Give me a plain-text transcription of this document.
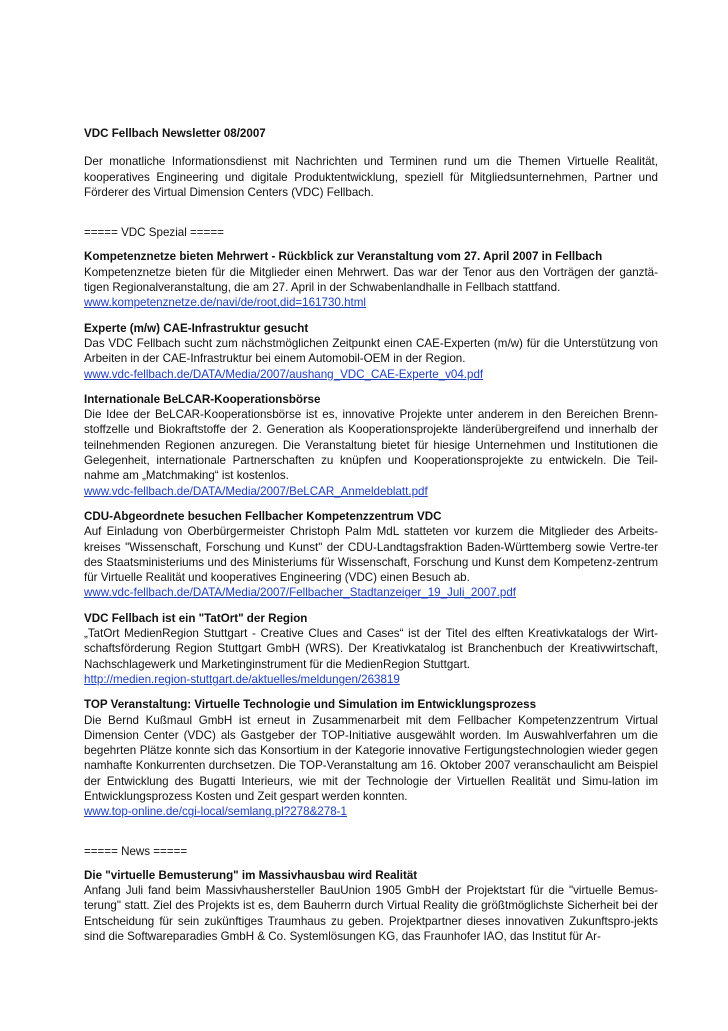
VDC Fellbach Newsletter 08/2007
Der monatliche Informationsdienst mit Nachrichten und Terminen rund um die Themen Virtuelle Realität, kooperatives Engineering und digitale Produktentwicklung, speziell für Mitgliedsunternehmen, Partner und Förderer des Virtual Dimension Centers (VDC) Fellbach.
===== VDC Spezial =====
Kompetenznetze bieten Mehrwert - Rückblick zur Veranstaltung vom 27. April 2007 in Fellbach
Kompetenznetze bieten für die Mitglieder einen Mehrwert. Das war der Tenor aus den Vorträgen der ganztä-tigen Regionalveranstaltung, die am 27. April in der Schwabenlandhalle in Fellbach stattfand.
www.kompetenznetze.de/navi/de/root,did=161730.html
Experte (m/w) CAE-Infrastruktur gesucht
Das VDC Fellbach sucht zum nächstmöglichen Zeitpunkt einen CAE-Experten (m/w) für die Unterstützung von Arbeiten in der CAE-Infrastruktur bei einem Automobil-OEM in der Region.
www.vdc-fellbach.de/DATA/Media/2007/aushang_VDC_CAE-Experte_v04.pdf
Internationale BeLCAR-Kooperationsbörse
Die Idee der BeLCAR-Kooperationsbörse ist es, innovative Projekte unter anderem in den Bereichen Brenn-stoffzelle und Biokraftstoffe der 2. Generation als Kooperationsprojekte länderübergreifend und innerhalb der teilnehmenden Regionen anzuregen. Die Veranstaltung bietet für hiesige Unternehmen und Institutionen die Gelegenheit, internationale Partnerschaften zu knüpfen und Kooperationsprojekte zu entwickeln. Die Teil-nahme am „Matchmaking“ ist kostenlos.
www.vdc-fellbach.de/DATA/Media/2007/BeLCAR_Anmeldeblatt.pdf
CDU-Abgeordnete besuchen Fellbacher Kompetenzzentrum VDC
Auf Einladung von Oberbürgermeister Christoph Palm MdL statteten vor kurzem die Mitglieder des Arbeits-kreises "Wissenschaft, Forschung und Kunst" der CDU-Landtagsfraktion Baden-Württemberg sowie Vertre-ter des Staatsministeriums und des Ministeriums für Wissenschaft, Forschung und Kunst dem Kompetenz-zentrum für Virtuelle Realität und kooperatives Engineering (VDC) einen Besuch ab.
www.vdc-fellbach.de/DATA/Media/2007/Fellbacher_Stadtanzeiger_19_Juli_2007.pdf
VDC Fellbach ist ein "TatOrt" der Region
„TatOrt MedienRegion Stuttgart - Creative Clues and Cases“ ist der Titel des elften Kreativkatalogs der Wirt-schaftsförderung Region Stuttgart GmbH (WRS). Der Kreativkatalog ist Branchenbuch der Kreativwirtschaft, Nachschlagewerk und Marketinginstrument für die MedienRegion Stuttgart.
http://medien.region-stuttgart.de/aktuelles/meldungen/263819
TOP Veranstaltung: Virtuelle Technologie und Simulation im Entwicklungsprozess
Die Bernd Kußmaul GmbH ist erneut in Zusammenarbeit mit dem Fellbacher Kompetenzzentrum Virtual Dimension Center (VDC) als Gastgeber der TOP-Initiative ausgewählt worden. Im Auswahlverfahren um die begehrten Plätze konnte sich das Konsortium in der Kategorie innovative Fertigungstechnologien wieder gegen namhafte Konkurrenten durchsetzen. Die TOP-Veranstaltung am 16. Oktober 2007 veranschaulicht am Beispiel der Entwicklung des Bugatti Interieurs, wie mit der Technologie der Virtuellen Realität und Simu-lation im Entwicklungsprozess Kosten und Zeit gespart werden konnten.
www.top-online.de/cgi-local/semlang.pl?278&278-1
===== News =====
Die "virtuelle Bemusterung" im Massivhausbau wird Realität
Anfang Juli fand beim Massivhaushersteller BauUnion 1905 GmbH der Projektstart für die "virtuelle Bemus-terung" statt. Ziel des Projekts ist es, dem Bauherrn durch Virtual Reality die größtmöglichste Sicherheit bei der Entscheidung für sein zukünftiges Traumhaus zu geben. Projektpartner dieses innovativen Zukunftspro-jekts sind die Softwareparadies GmbH & Co. Systemlösungen KG, das Fraunhofer IAO, das Institut für Ar-
